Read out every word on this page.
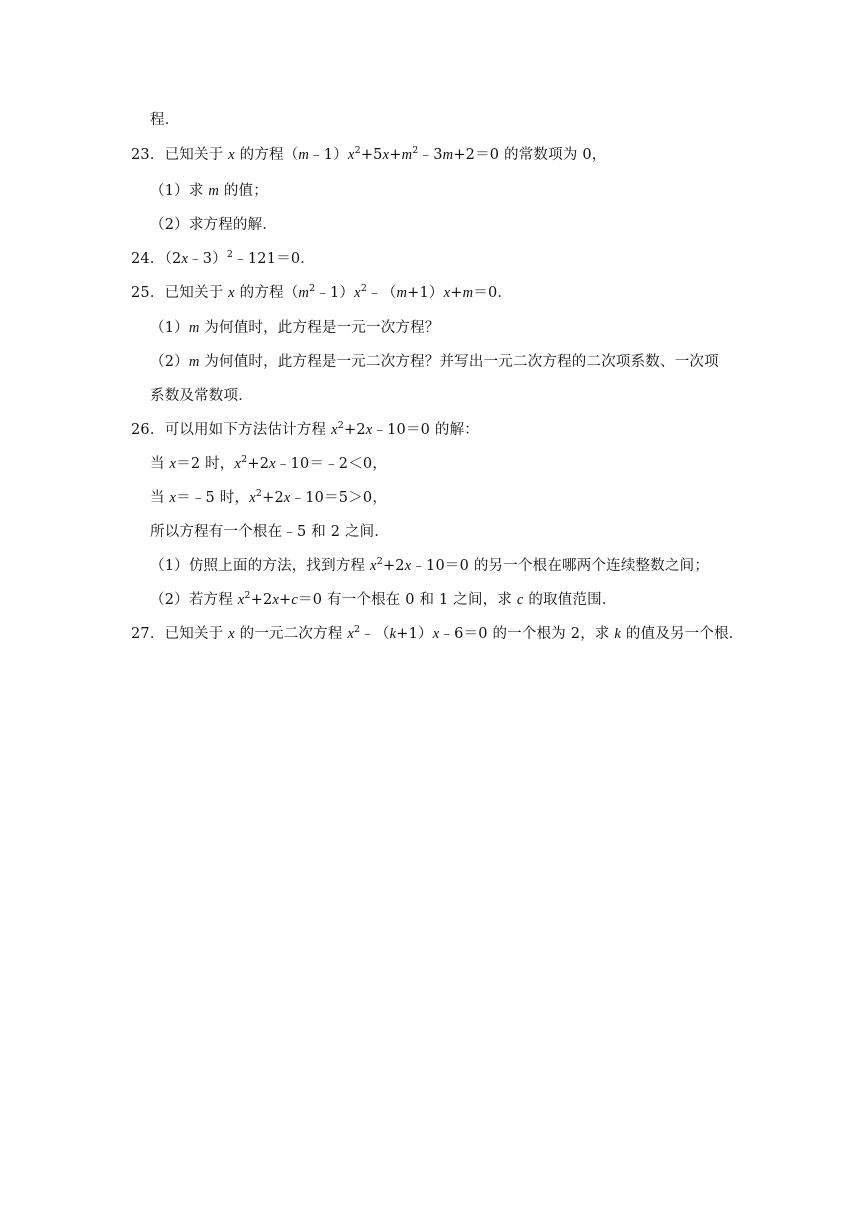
程．
23．已知关于 x 的方程$(m﹣1)x^2+5x+m^2﹣3m+2=0$ 的常数项为 0，
（1）求 m 的值；
（2）求方程的解．
24．（2x﹣3）$^2$﹣121＝0．
25．已知关于 x 的方程$(m^2﹣1)x^2﹣(m+1)x+m=0$．
（1）m 为何值时，此方程是一元一次方程？
（2）m 为何值时，此方程是一元二次方程？并写出一元二次方程的二次项系数、一次项
系数及常数项．
26．可以用如下方法估计方程 $x^2+2x﹣10=0$ 的解：
当 x＝2 时，$x^2+2x﹣10=﹣2<0$，
当 x＝﹣5 时，$x^2+2x﹣10=5>0$，
所以方程有一个根在﹣5 和 2 之间．
（1）仿照上面的方法，找到方程 $x^2+2x﹣10=0$ 的另一个根在哪两个连续整数之间；
（2）若方程 $x^2+2x+c=0$ 有一个根在 0 和 1 之间，求 c 的取值范围．
27．已知关于 x 的一元二次方程 $x^2﹣(k+1)x﹣6=0$ 的一个根为 2，求 k 的值及另一个根．
